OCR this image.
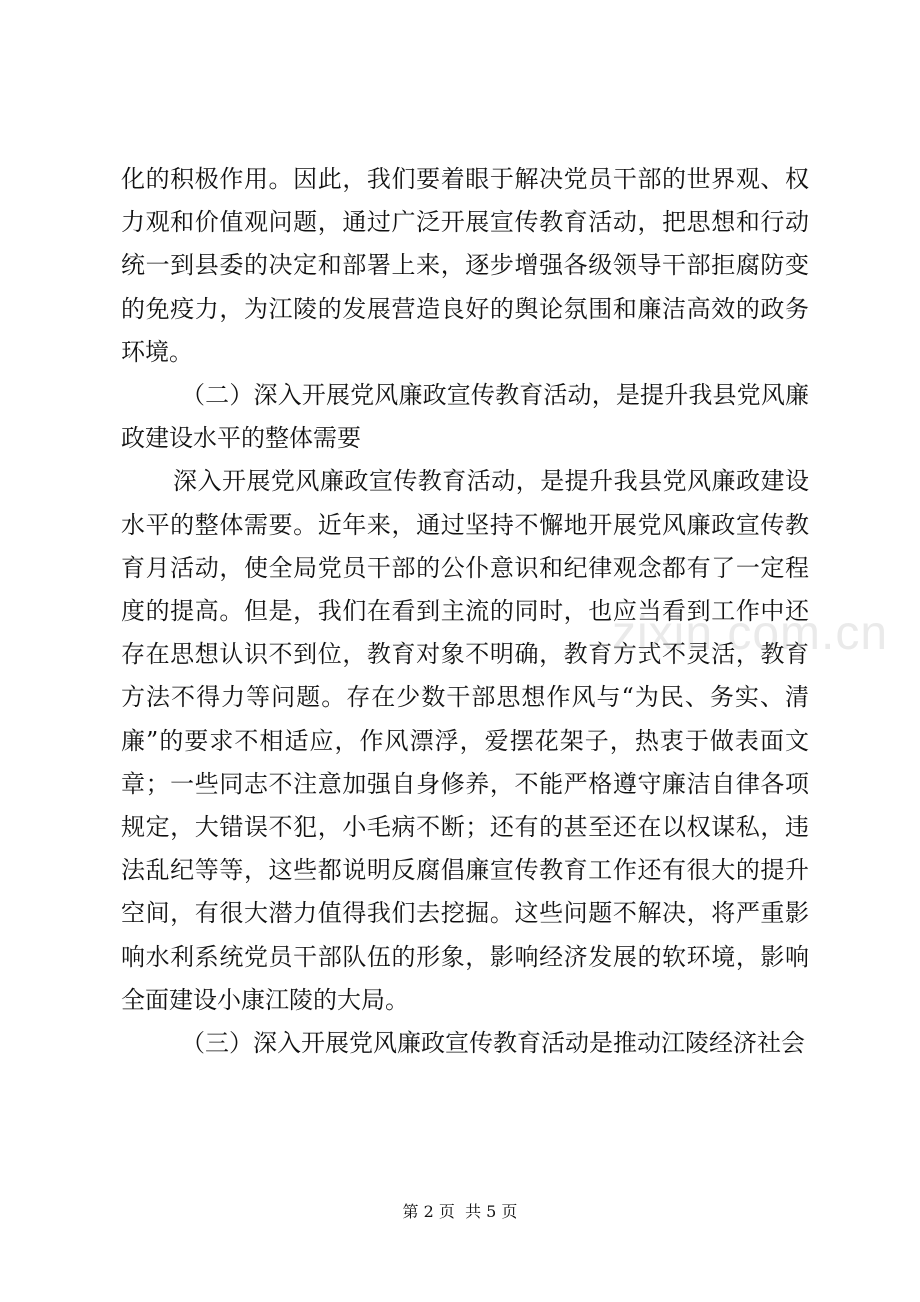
化的积极作用。因此，我们要着眼于解决党员干部的世界观、权力观和价值观问题，通过广泛开展宣传教育活动，把思想和行动统一到县委的决定和部署上来，逐步增强各级领导干部拒腐防变的免疫力，为江陵的发展营造良好的舆论氛围和廉洁高效的政务环境。

（二）深入开展党风廉政宣传教育活动，是提升我县党风廉政建设水平的整体需要

深入开展党风廉政宣传教育活动，是提升我县党风廉政建设水平的整体需要。近年来，通过坚持不懈地开展党风廉政宣传教育月活动，使全局党员干部的公仆意识和纪律观念都有了一定程度的提高。但是，我们在看到主流的同时，也应当看到工作中还存在思想认识不到位，教育对象不明确，教育方式不灵活，教育方法不得力等问题。存在少数干部思想作风与“为民、务实、清廉”的要求不相适应，作风漂浮，爱摆花架子，热衷于做表面文章；一些同志不注意加强自身修养，不能严格遵守廉洁自律各项规定，大错误不犯，小毛病不断；还有的甚至还在以权谋私，违法乱纪等等，这些都说明反腐倡廉宣传教育工作还有很大的提升空间，有很大潜力值得我们去挖掘。这些问题不解决，将严重影响水利系统党员干部队伍的形象，影响经济发展的软环境，影响全面建设小康江陵的大局。

（三）深入开展党风廉政宣传教育活动是推动江陵经济社会

zixin.com.cn
第 2 页 共 5 页
